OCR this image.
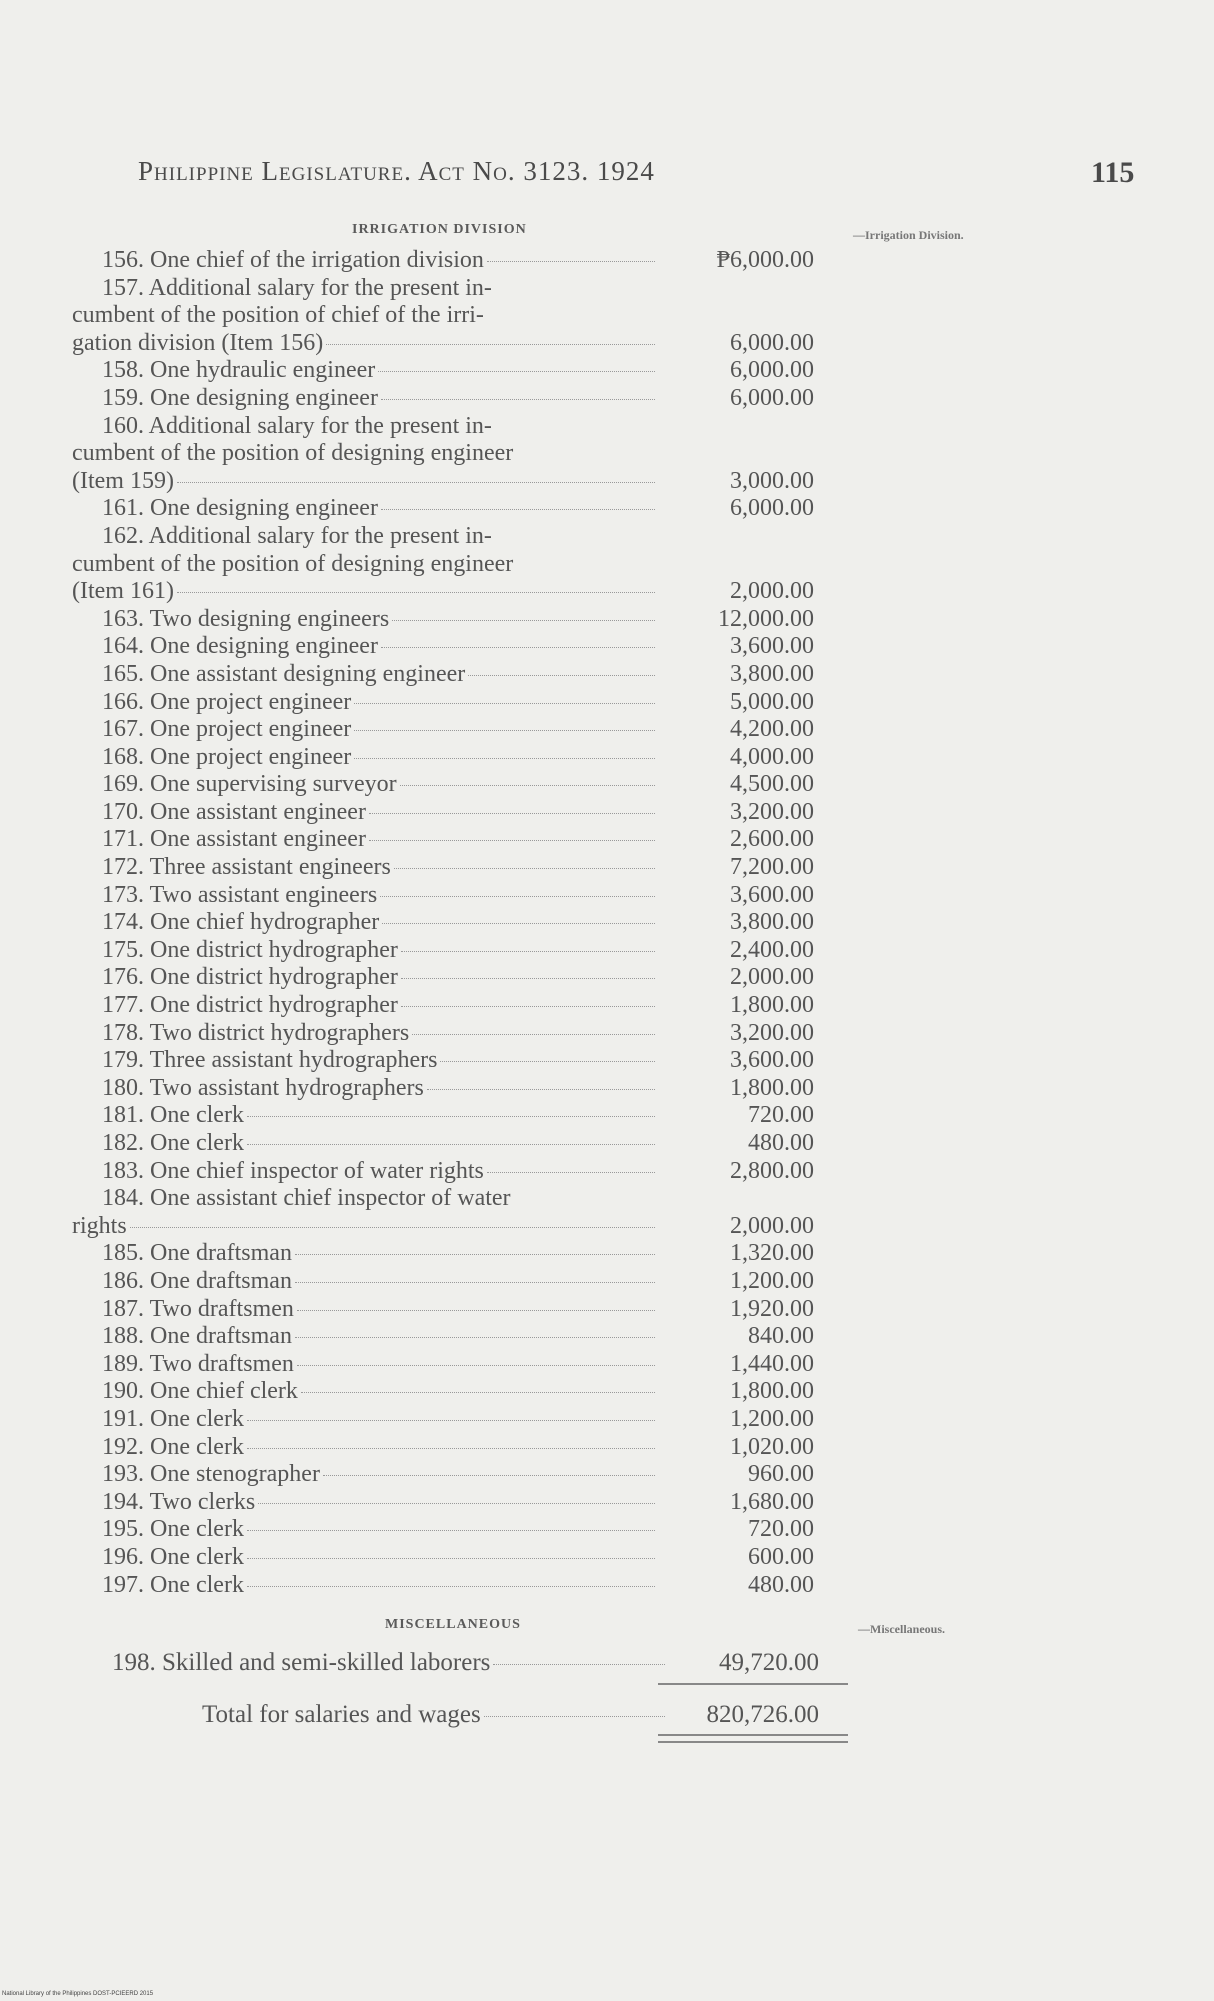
Philippine Legislature. Act No. 3123. 1924	115
IRRIGATION DIVISION	—Irrigation Division.
156. One chief of the irrigation division	₱6,000.00
157. Additional salary for the present in-
cumbent of the position of chief of the irri-
gation division (Item 156)	6,000.00
158. One hydraulic engineer	6,000.00
159. One designing engineer	6,000.00
160. Additional salary for the present in-
cumbent of the position of designing engineer
(Item 159)	3,000.00
161. One designing engineer	6,000.00
162. Additional salary for the present in-
cumbent of the position of designing engineer
(Item 161)	2,000.00
163. Two designing engineers	12,000.00
164. One designing engineer	3,600.00
165. One assistant designing engineer	3,800.00
166. One project engineer	5,000.00
167. One project engineer	4,200.00
168. One project engineer	4,000.00
169. One supervising surveyor	4,500.00
170. One assistant engineer	3,200.00
171. One assistant engineer	2,600.00
172. Three assistant engineers	7,200.00
173. Two assistant engineers	3,600.00
174. One chief hydrographer	3,800.00
175. One district hydrographer	2,400.00
176. One district hydrographer	2,000.00
177. One district hydrographer	1,800.00
178. Two district hydrographers	3,200.00
179. Three assistant hydrographers	3,600.00
180. Two assistant hydrographers	1,800.00
181. One clerk	720.00
182. One clerk	480.00
183. One chief inspector of water rights	2,800.00
184. One assistant chief inspector of water
rights	2,000.00
185. One draftsman	1,320.00
186. One draftsman	1,200.00
187. Two draftsmen	1,920.00
188. One draftsman	840.00
189. Two draftsmen	1,440.00
190. One chief clerk	1,800.00
191. One clerk	1,200.00
192. One clerk	1,020.00
193. One stenographer	960.00
194. Two clerks	1,680.00
195. One clerk	720.00
196. One clerk	600.00
197. One clerk	480.00
MISCELLANEOUS	—Miscellaneous.
198. Skilled and semi-skilled laborers	49,720.00
Total for salaries and wages	820,726.00
National Library of the Philippines DOST-PCIEERD 2015
